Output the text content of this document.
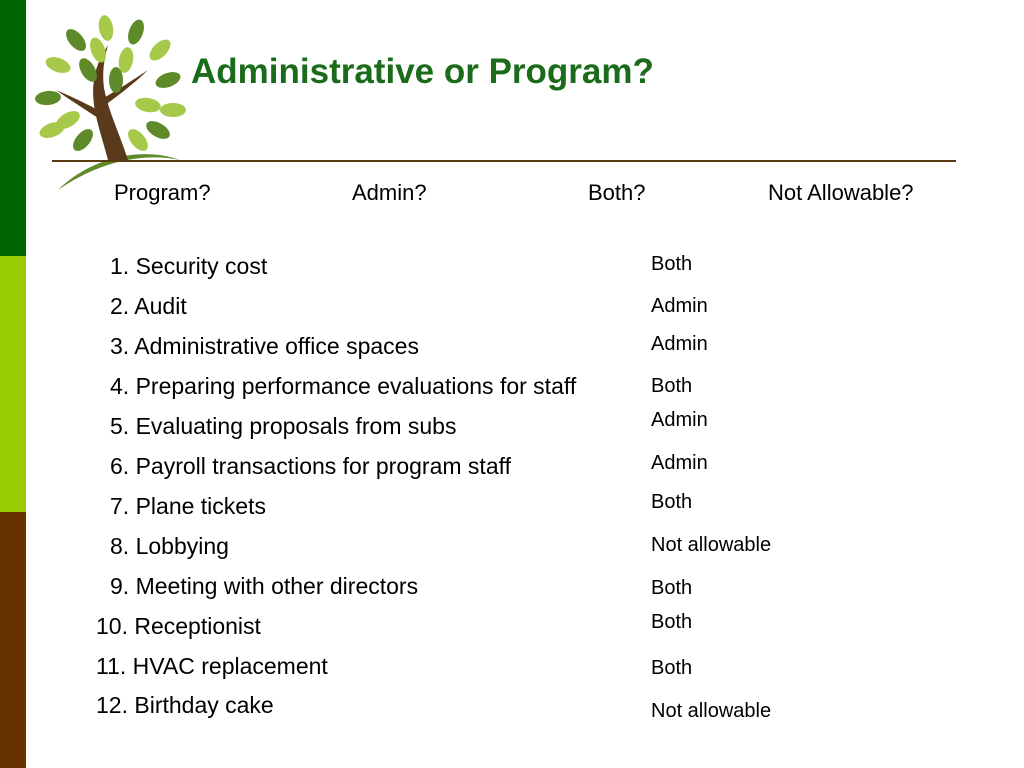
Administrative or Program?
Program?	Admin?	Both?	Not Allowable?
1. Security cost	Both
2. Audit	Admin
3. Administrative office spaces	Admin
4. Preparing performance evaluations for staff	Both
5. Evaluating proposals from subs	Admin
6. Payroll transactions for program staff	Admin
7. Plane tickets	Both
8. Lobbying	Not allowable
9. Meeting with other directors	Both
10. Receptionist	Both
11. HVAC replacement	Both
12. Birthday cake	Not allowable
